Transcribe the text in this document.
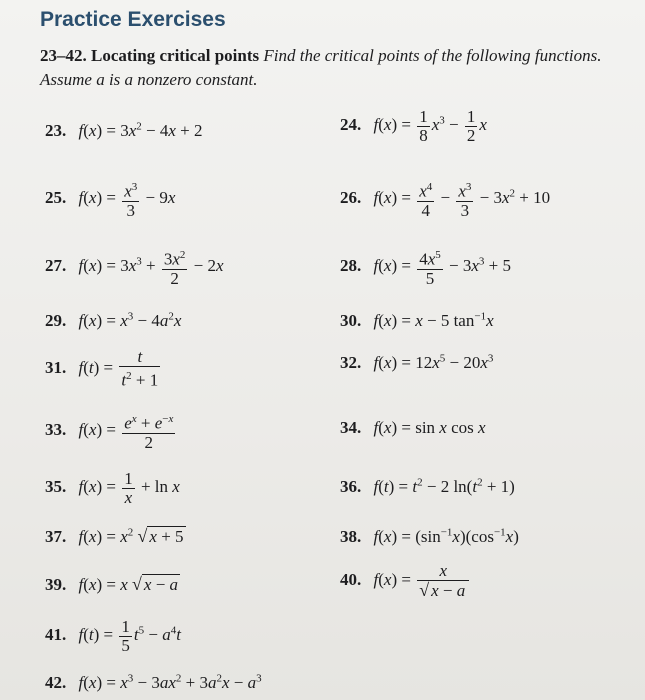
Practice Exercises
23–42. Locating critical points Find the critical points of the following functions. Assume a is a nonzero constant.
23. $f(x) = 3x^2 - 4x + 2$	24. $f(x) = \frac{1}{8} x^3 - \frac{1}{2}$ x
25. $f(x) = \frac{x^3}{3} - 9x$	26. $f(x) = \frac{x^4}{4} - \frac{x^3}{3} - 3x^2 + 10$
27. $f(x) = 3x^3 + \frac{3x^2}{2} - 2x$	28. $f(x) = \frac{4x^5}{5} - 3x^3 + 5$
29. $f(x) = x^3 - 4a^2x$	30. f(x) = x − 5 $\tan^{-1}x$
31. $f(t) = \frac{t}{t^2 + 1}$	32. $f(x) = 12x^5 - 20x^3$
33. $f(x) = \frac{e^x + e^{-x}}{2}$	34. f(x) = sin x cos x
35. $f(x) = \frac{1}{x} + \ln x$	36. $f(t) = t^2 - 2$ $\ln(t^2 + 1)$
37. $f(x) = x^2$ √ x + 5	38. $f(x) = (\sin^{-1}x)(\cos^{-1}x)$
39. f(x) = x √ x − a	40. $f(x) = \frac{x}{√ x - a}$
41. $f(t) = \frac{1}{5} t^5 - a^4t$
42. $f(x) = x^3 - 3ax^2 + 3a^2x - a^3$
